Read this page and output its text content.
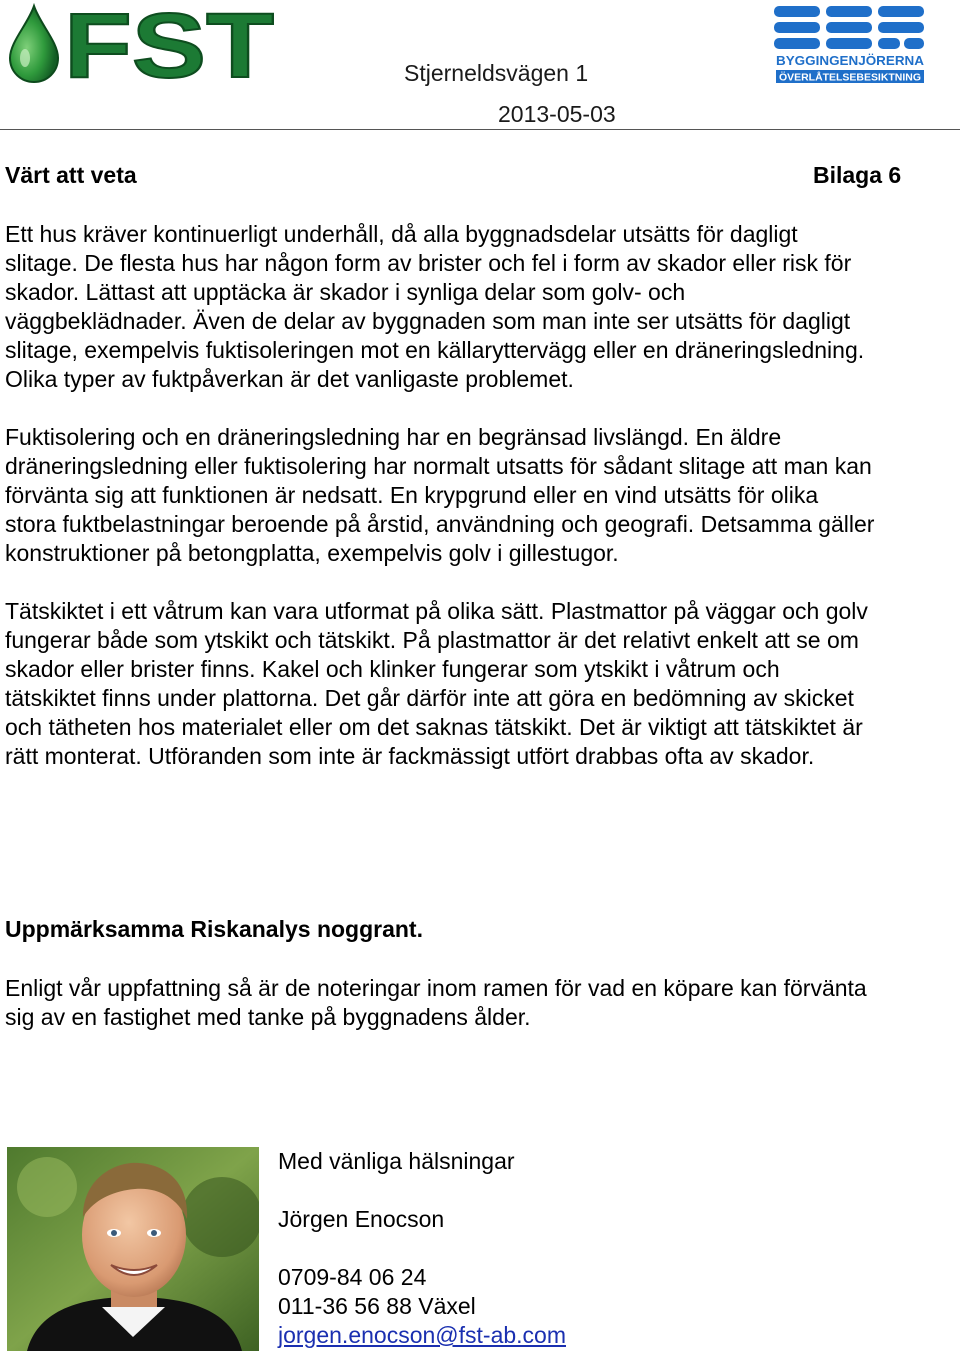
FST	BYGGINGENJÖRERNA
ÖVERLÅTELSEBESIKTNING
Stjerneldsvägen 1
2013-05-03
Värt att veta	Bilaga 6
Ett hus kräver kontinuerligt underhåll, då alla byggnadsdelar utsätts för dagligt
slitage. De flesta hus har någon form av brister och fel i form av skador eller risk för
skador. Lättast att upptäcka är skador i synliga delar som golv- och
väggbeklädnader. Även de delar av byggnaden som man inte ser utsätts för dagligt
slitage, exempelvis fuktisoleringen mot en källaryttervägg eller en dräneringsledning.
Olika typer av fuktpåverkan är det vanligaste problemet.
Fuktisolering och en dräneringsledning har en begränsad livslängd. En äldre
dräneringsledning eller fuktisolering har normalt utsatts för sådant slitage att man kan
förvänta sig att funktionen är nedsatt. En krypgrund eller en vind utsätts för olika
stora fuktbelastningar beroende på årstid, användning och geografi. Detsamma gäller
konstruktioner på betongplatta, exempelvis golv i gillestugor.
Tätskiktet i ett våtrum kan vara utformat på olika sätt. Plastmattor på väggar och golv
fungerar både som ytskikt och tätskikt. På plastmattor är det relativt enkelt att se om
skador eller brister finns. Kakel och klinker fungerar som ytskikt i våtrum och
tätskiktet finns under plattorna. Det går därför inte att göra en bedömning av skicket
och tätheten hos materialet eller om det saknas tätskikt. Det är viktigt att tätskiktet är
rätt monterat. Utföranden som inte är fackmässigt utfört drabbas ofta av skador.
Uppmärksamma Riskanalys noggrant.
Enligt vår uppfattning så är de noteringar inom ramen för vad en köpare kan förvänta
sig av en fastighet med tanke på byggnadens ålder.
Med vänliga hälsningar
Jörgen Enocson
0709-84 06 24
011-36 56 88 Växel
jorgen.enocson@fst-ab.com
